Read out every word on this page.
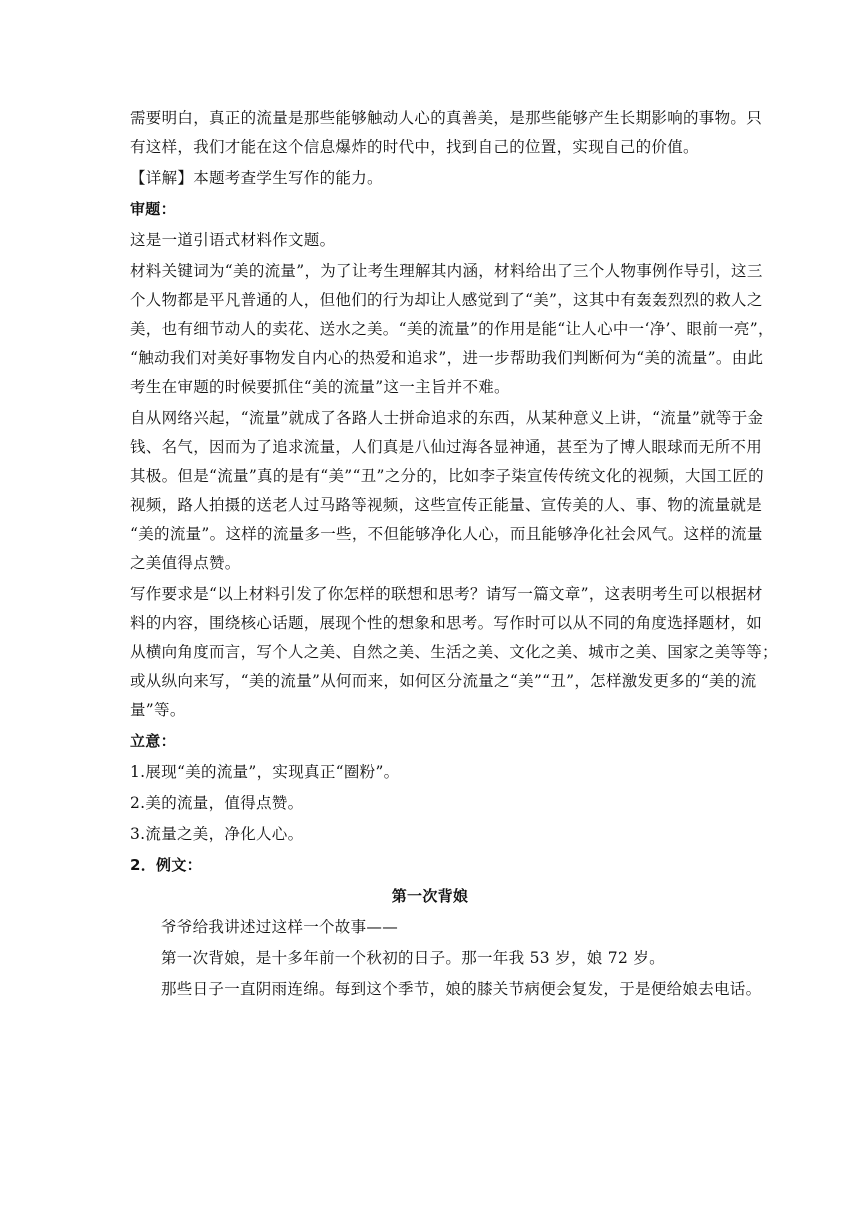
需要明白，真正的流量是那些能够触动人心的真善美，是那些能够产生长期影响的事物。只
有这样，我们才能在这个信息爆炸的时代中，找到自己的位置，实现自己的价值。
【详解】本题考查学生写作的能力。
审题：
这是一道引语式材料作文题。
材料关键词为“美的流量”，为了让考生理解其内涵，材料给出了三个人物事例作导引，这三
个人物都是平凡普通的人，但他们的行为却让人感觉到了“美”，这其中有轰轰烈烈的救人之
美，也有细节动人的卖花、送水之美。“美的流量”的作用是能“让人心中一‘净’、眼前一亮”，
“触动我们对美好事物发自内心的热爱和追求”，进一步帮助我们判断何为“美的流量”。由此
考生在审题的时候要抓住“美的流量”这一主旨并不难。
自从网络兴起，“流量”就成了各路人士拼命追求的东西，从某种意义上讲，“流量”就等于金
钱、名气，因而为了追求流量，人们真是八仙过海各显神通，甚至为了博人眼球而无所不用
其极。但是“流量”真的是有“美”“丑”之分的，比如李子柒宣传传统文化的视频，大国工匠的
视频，路人拍摄的送老人过马路等视频，这些宣传正能量、宣传美的人、事、物的流量就是
“美的流量”。这样的流量多一些，不但能够净化人心，而且能够净化社会风气。这样的流量
之美值得点赞。
写作要求是“以上材料引发了你怎样的联想和思考？请写一篇文章”，这表明考生可以根据材
料的内容，围绕核心话题，展现个性的想象和思考。写作时可以从不同的角度选择题材，如
从横向角度而言，写个人之美、自然之美、生活之美、文化之美、城市之美、国家之美等等；
或从纵向来写，“美的流量”从何而来，如何区分流量之“美”“丑”，怎样激发更多的“美的流
量”等。
立意：
1.展现“美的流量”，实现真正“圈粉”。
2.美的流量，值得点赞。
3.流量之美，净化人心。
2．例文：
第一次背娘
爷爷给我讲述过这样一个故事——
第一次背娘，是十多年前一个秋初的日子。那一年我 53 岁，娘 72 岁。
那些日子一直阴雨连绵。每到这个季节，娘的膝关节病便会复发，于是便给娘去电话。
